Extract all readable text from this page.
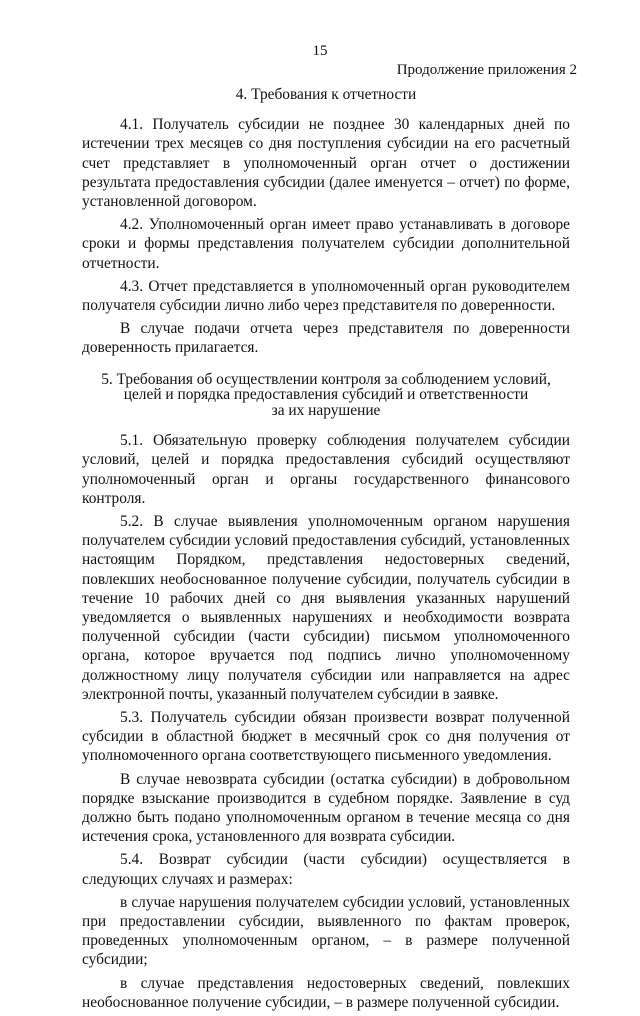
15
Продолжение приложения 2
4. Требования к отчетности
4.1. Получатель субсидии не позднее 30 календарных дней по истечении трех месяцев со дня поступления субсидии на его расчетный счет представляет в уполномоченный орган отчет о достижении результата предоставления субсидии (далее именуется – отчет) по форме, установленной договором.
4.2. Уполномоченный орган имеет право устанавливать в договоре сроки и формы представления получателем субсидии дополнительной отчетности.
4.3. Отчет представляется в уполномоченный орган руководителем получателя субсидии лично либо через представителя по доверенности.
В случае подачи отчета через представителя по доверенности доверенность прилагается.
5. Требования об осуществлении контроля за соблюдением условий,
целей и порядка предоставления субсидий и ответственности
за их нарушение
5.1. Обязательную проверку соблюдения получателем субсидии условий, целей и порядка предоставления субсидий осуществляют уполномоченный орган и органы государственного финансового контроля.
5.2. В случае выявления уполномоченным органом нарушения получателем субсидии условий предоставления субсидий, установленных настоящим Порядком, представления недостоверных сведений, повлекших необоснованное получение субсидии, получатель субсидии в течение 10 рабочих дней со дня выявления указанных нарушений уведомляется о выявленных нарушениях и необходимости возврата полученной субсидии (части субсидии) письмом уполномоченного органа, которое вручается под подпись лично уполномоченному должностному лицу получателя субсидии или направляется на адрес электронной почты, указанный получателем субсидии в заявке.
5.3. Получатель субсидии обязан произвести возврат полученной субсидии в областной бюджет в месячный срок со дня получения от уполномоченного органа соответствующего письменного уведомления.
В случае невозврата субсидии (остатка субсидии) в добровольном порядке взыскание производится в судебном порядке. Заявление в суд должно быть подано уполномоченным органом в течение месяца со дня истечения срока, установленного для возврата субсидии.
5.4. Возврат субсидии (части субсидии) осуществляется в следующих случаях и размерах:
в случае нарушения получателем субсидии условий, установленных при предоставлении субсидии, выявленного по фактам проверок, проведенных уполномоченным органом, – в размере полученной субсидии;
в случае представления недостоверных сведений, повлекших необоснованное получение субсидии, – в размере полученной субсидии.
